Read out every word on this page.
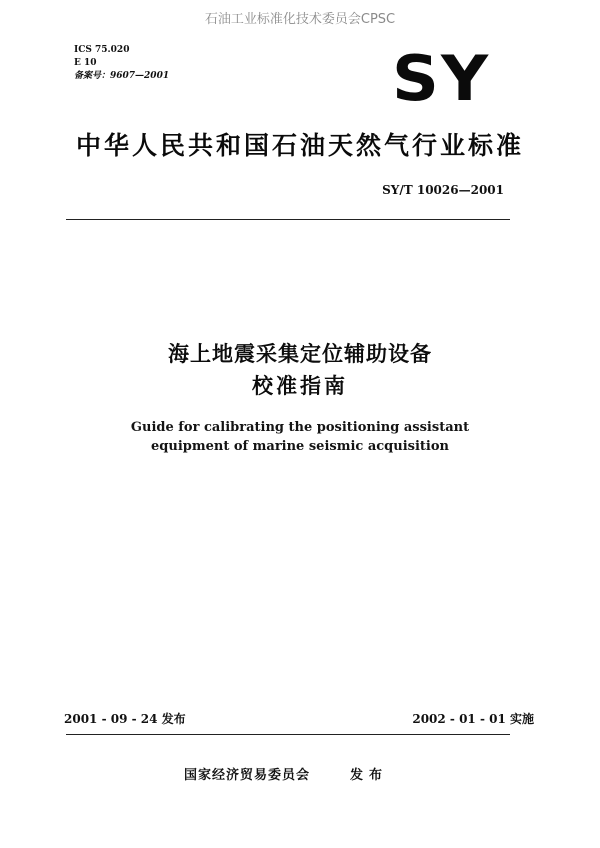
石油工业标准化技术委员会CPSC
ICS 75.020
E 10
备案号：9607—2001	SY
中华人民共和国石油天然气行业标准
SY/T 10026—2001
海上地震采集定位辅助设备
校准指南
Guide for calibrating the positioning assistant
equipment of marine seismic acquisition
2001 - 09 - 24 发布	2002 - 01 - 01 实施
国家经济贸易委员会	发布
